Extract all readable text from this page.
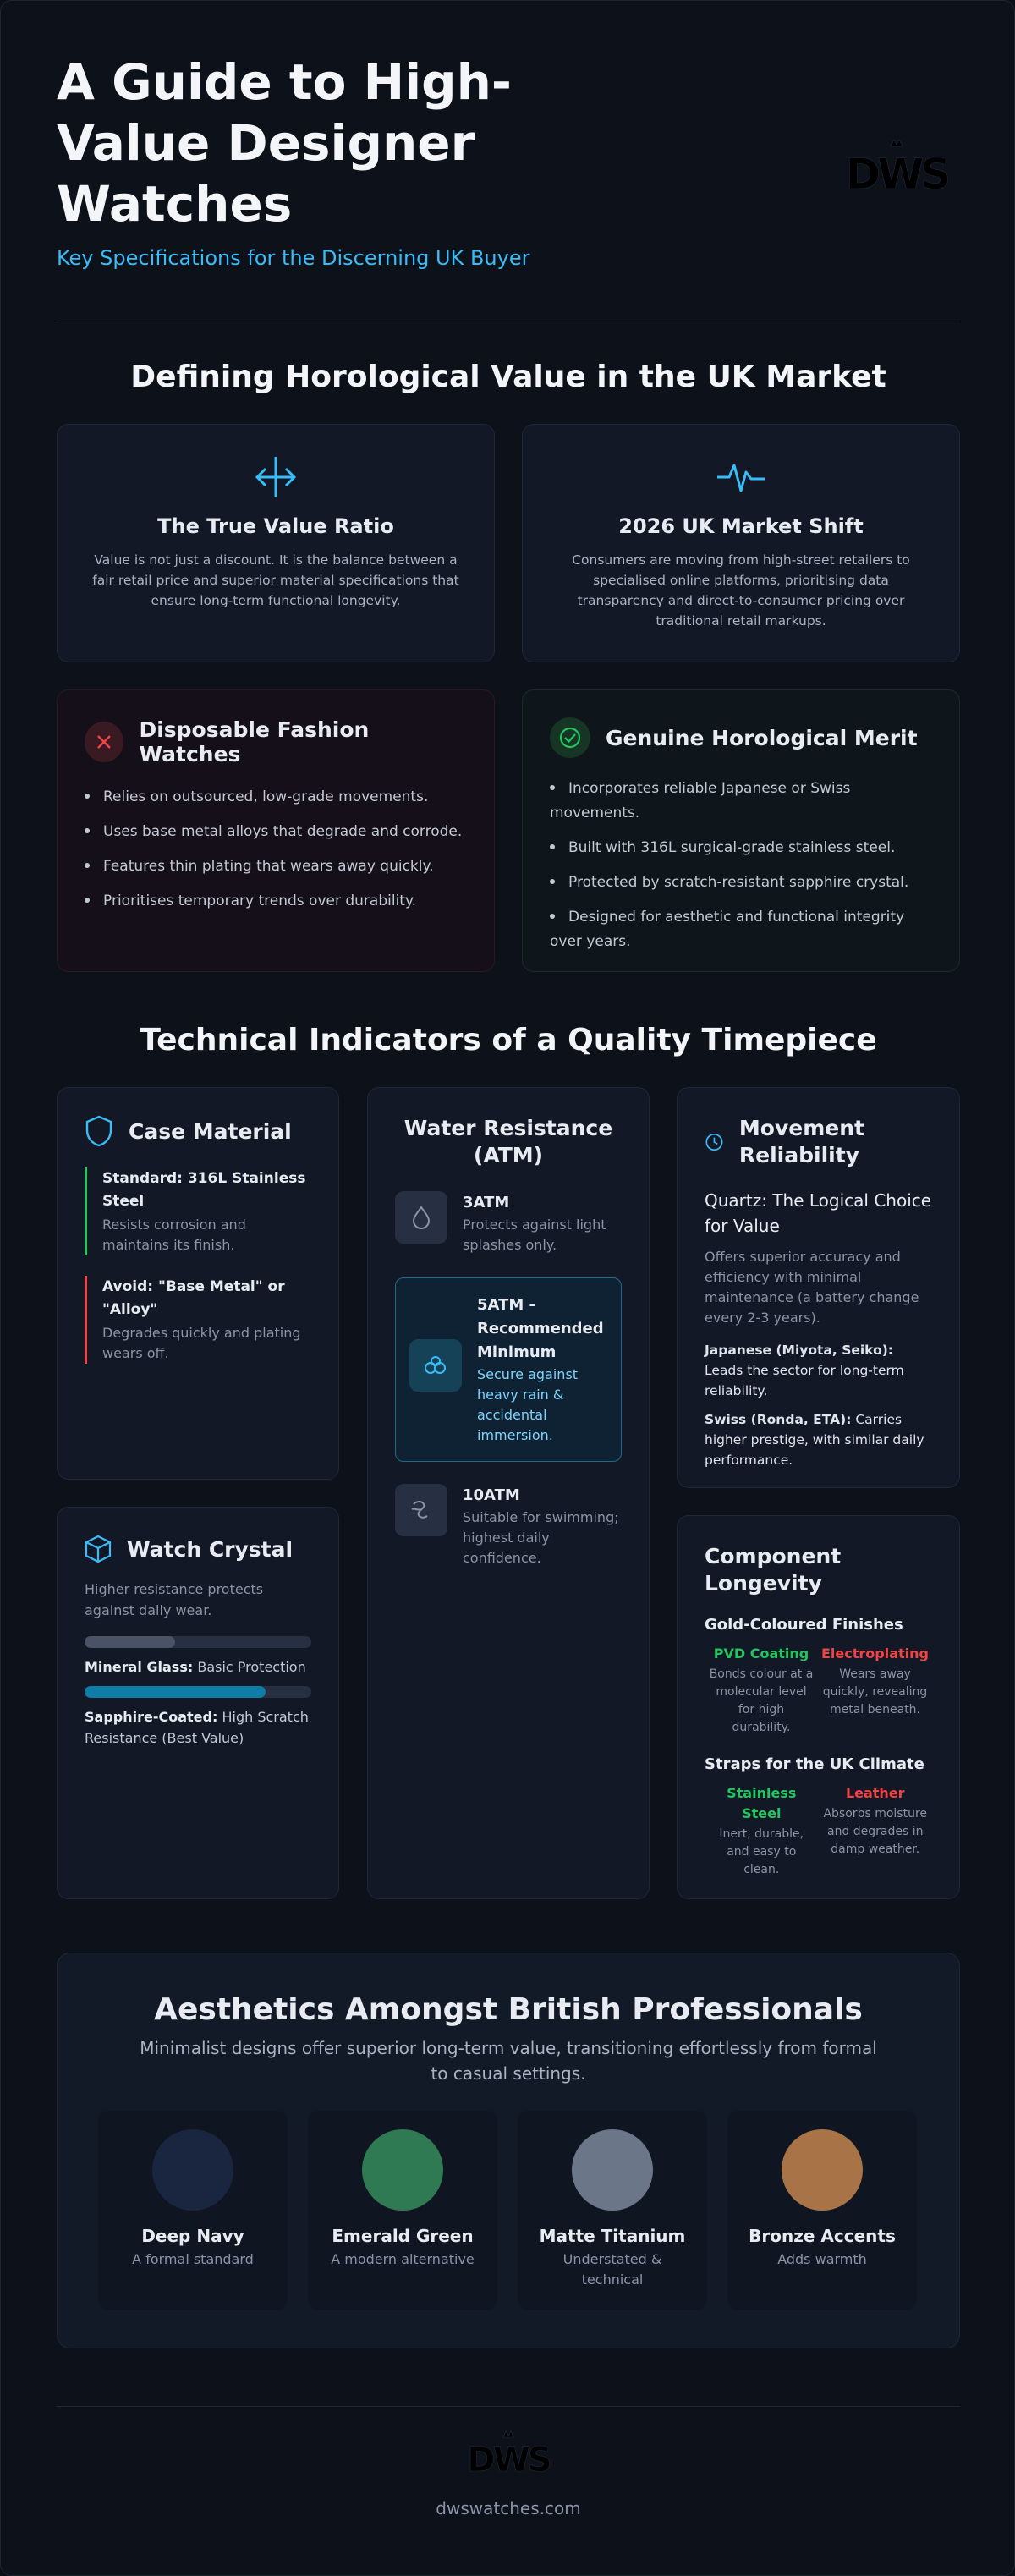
A Guide to High-Value Designer Watches
Key Specifications for the Discerning UK Buyer
DWS
Defining Horological Value in the UK Market
The True Value Ratio

Value is not just a discount. It is the balance between a fair retail price and superior material specifications that ensure long-term functional longevity.

2026 UK Market Shift

Consumers are moving from high-street retailers to specialised online platforms, prioritising data transparency and direct-to-consumer pricing over traditional retail markups.

Disposable Fashion Watches
Relies on outsourced, low-grade movements.
Uses base metal alloys that degrade and corrode.
Features thin plating that wears away quickly.
Prioritises temporary trends over durability.
Genuine Horological Merit
Incorporates reliable Japanese or Swiss movements.
Built with 316L surgical-grade stainless steel.
Protected by scratch-resistant sapphire crystal.
Designed for aesthetic and functional integrity over years.
Technical Indicators of a Quality Timepiece
Case Material
Standard: 316L Stainless Steel
Resists corrosion and maintains its finish.
Avoid: "Base Metal" or "Alloy"
Degrades quickly and plating wears off.
Water Resistance (ATM)
3ATM
Protects against light splashes only.
5ATM - Recommended Minimum
Secure against heavy rain & accidental immersion.
10ATM
Suitable for swimming; highest daily confidence.
Movement Reliability
Quartz: The Logical Choice for Value
Offers superior accuracy and efficiency with minimal maintenance (a battery change every 2-3 years).
Japanese (Miyota, Seiko): Leads the sector for long-term reliability.
Swiss (Ronda, ETA): Carries higher prestige, with similar daily performance.
Watch Crystal
Higher resistance protects against daily wear.
Mineral Glass: Basic Protection
Sapphire-Coated: High Scratch Resistance (Best Value)
Component Longevity
Gold-Coloured Finishes
PVD Coating
Bonds colour at a molecular level for high durability.
Electroplating
Wears away quickly, revealing metal beneath.
Straps for the UK Climate
Stainless Steel
Inert, durable, and easy to clean.
Leather
Absorbs moisture and degrades in damp weather.
Aesthetics Amongst British Professionals
Minimalist designs offer superior long-term value, transitioning effortlessly from formal to casual settings.
Deep Navy
A formal standard
Emerald Green
A modern alternative
Matte Titanium
Understated & technical
Bronze Accents
Adds warmth
DWS
dwswatches.com
